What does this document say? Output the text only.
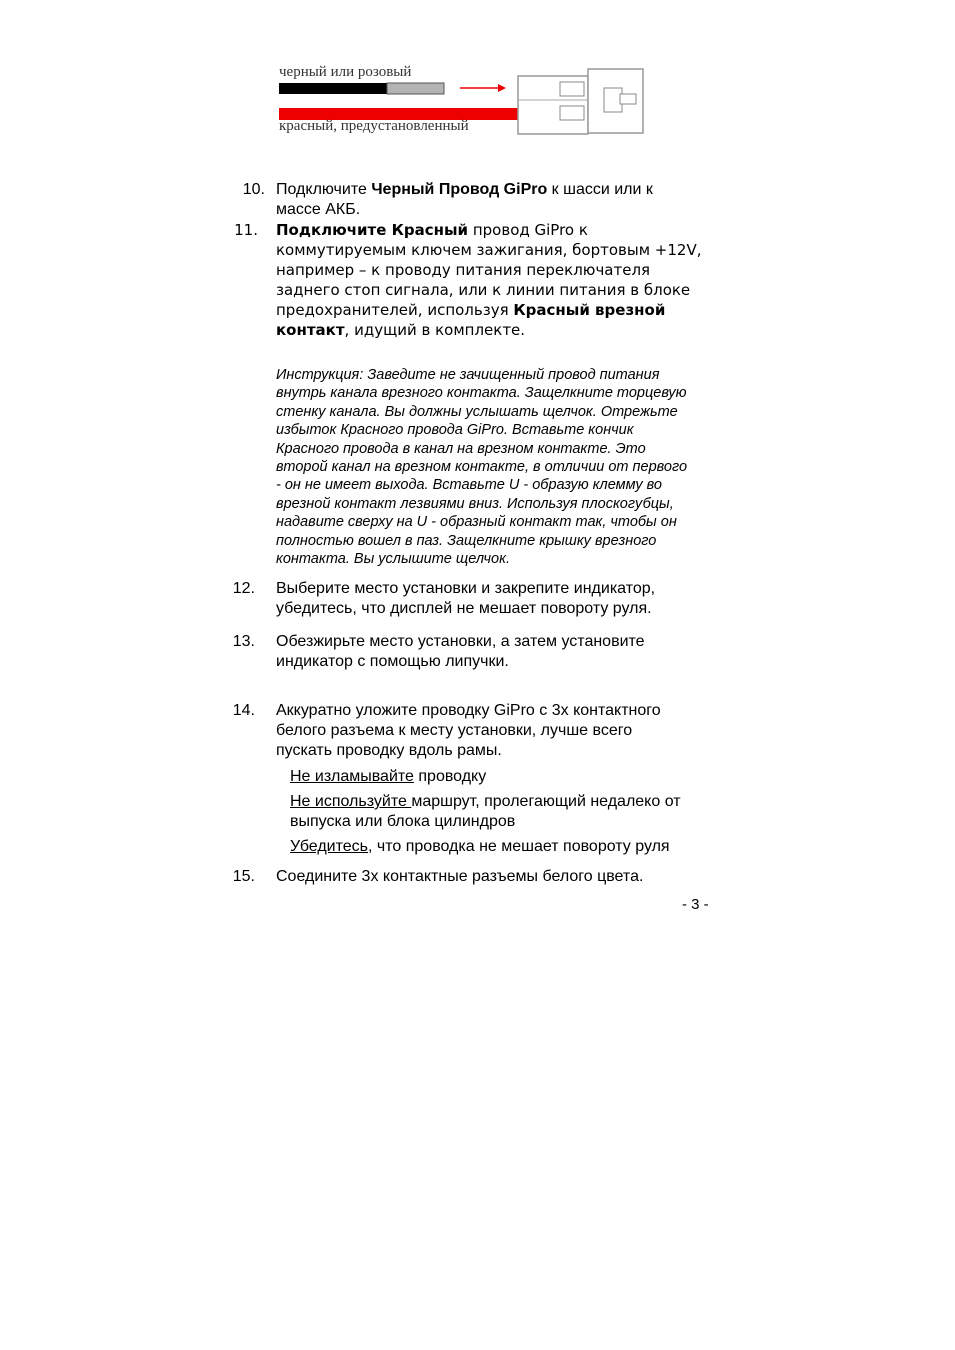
черный или розовый
красный, предустановленный
10. Подключите Черный Провод GiPro к шасси или к
массе АКБ.
11. Подключите Красный провод GiPro к
коммутируемым ключем зажигания, бортовым +12V,
например – к проводу питания переключателя
заднего стоп сигнала, или к линии питания в блоке
предохранителей, используя Красный врезной
контакт, идущий в комплекте.
Инструкция: Заведите не зачищенный провод питания
внутрь канала врезного контакта. Защелкните торцевую
стенку канала. Вы должны услышать щелчок. Отрежьте
избыток Красного провода GiPro. Вставьте кончик
Красного провода в канал на врезном контакте. Это
второй канал на врезном контакте, в отличии от первого
- он не имеет выхода. Вставьте U - образую клемму во
врезной контакт лезвиями вниз. Используя плоскогубцы,
надавите сверху на U - образный контакт так, чтобы он
полностью вошел в паз. Защелкните крышку врезного
контакта. Вы услышите щелчок.
12. Выберите место установки и закрепите индикатор,
убедитесь, что дисплей не мешает повороту руля.
13. Обезжирьте место установки, а затем установите
индикатор с помощью липучки.
14. Аккуратно уложите проводку GiPro с 3х контактного
белого разъема к месту установки, лучше всего
пускать проводку вдоль рамы.
Не изламывайте проводку
Не используйте маршрут, пролегающий недалеко от
выпуска или блока цилиндров
Убедитесь, что проводка не мешает повороту руля
15. Соедините 3х контактные разъемы белого цвета.
- 3 -
